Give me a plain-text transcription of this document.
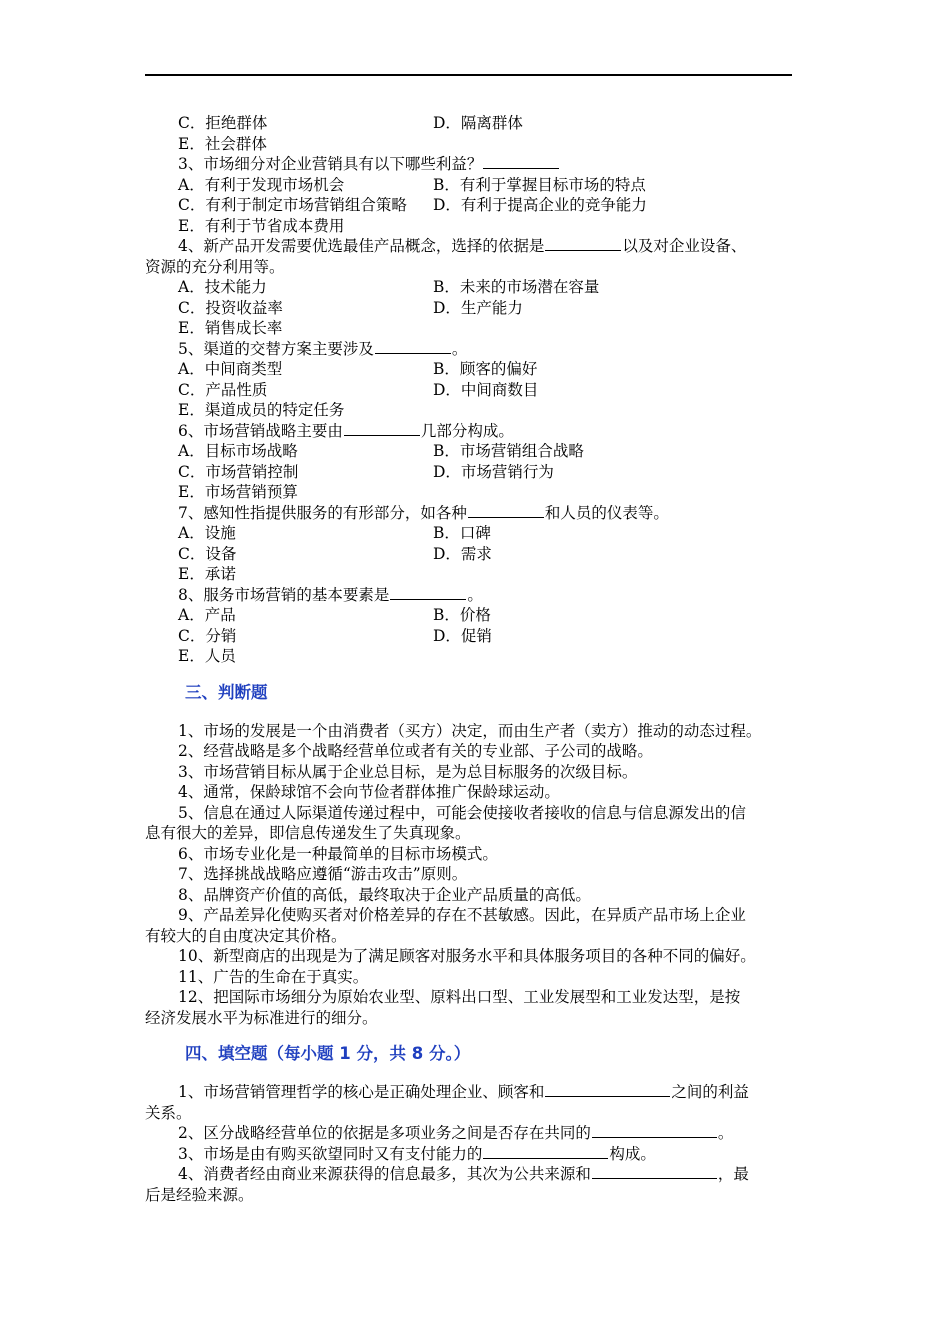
C．拒绝群体	D．隔离群体
E．社会群体
3、市场细分对企业营销具有以下哪些利益？
A．有利于发现市场机会	B．有利于掌握目标市场的特点
C．有利于制定市场营销组合策略 D．有利于提高企业的竞争能力
E．有利于节省成本费用
4、新产品开发需要优选最佳产品概念，选择的依据是	以及对企业设备、
资源的充分利用等。
A．技术能力	B．未来的市场潜在容量
C．投资收益率	D．生产能力
E．销售成长率
5、渠道的交替方案主要涉及	。
A．中间商类型	B．顾客的偏好
C．产品性质	D．中间商数目
E．渠道成员的特定任务
6、市场营销战略主要由	几部分构成。
A．目标市场战略	B．市场营销组合战略
C．市场营销控制	D．市场营销行为
E．市场营销预算
7、感知性指提供服务的有形部分，如各种	和人员的仪表等。
A．设施	B．口碑
C．设备	D．需求
E．承诺
8、服务市场营销的基本要素是	。
A．产品	B．价格
C．分销	D．促销
E．人员
三、判断题
1、市场的发展是一个由消费者（买方）决定，而由生产者（卖方）推动的动态过程。
2、经营战略是多个战略经营单位或者有关的专业部、子公司的战略。
3、市场营销目标从属于企业总目标，是为总目标服务的次级目标。
4、通常，保龄球馆不会向节俭者群体推广保龄球运动。
5、信息在通过人际渠道传递过程中，可能会使接收者接收的信息与信息源发出的信
息有很大的差异，即信息传递发生了失真现象。
6、市场专业化是一种最简单的目标市场模式。
7、选择挑战战略应遵循“游击攻击”原则。
8、品牌资产价值的高低，最终取决于企业产品质量的高低。
9、产品差异化使购买者对价格差异的存在不甚敏感。因此，在异质产品市场上企业
有较大的自由度决定其价格。
10、新型商店的出现是为了满足顾客对服务水平和具体服务项目的各种不同的偏好。
11、广告的生命在于真实。
12、把国际市场细分为原始农业型、原料出口型、工业发展型和工业发达型，是按
经济发展水平为标准进行的细分。
四、填空题（每小题 1 分，共 8 分。）
1、市场营销管理哲学的核心是正确处理企业、顾客和	之间的利益
关系。
2、区分战略经营单位的依据是多项业务之间是否存在共同的	。
3、市场是由有购买欲望同时又有支付能力的	构成。
4、消费者经由商业来源获得的信息最多，其次为公共来源和	，最
后是经验来源。
